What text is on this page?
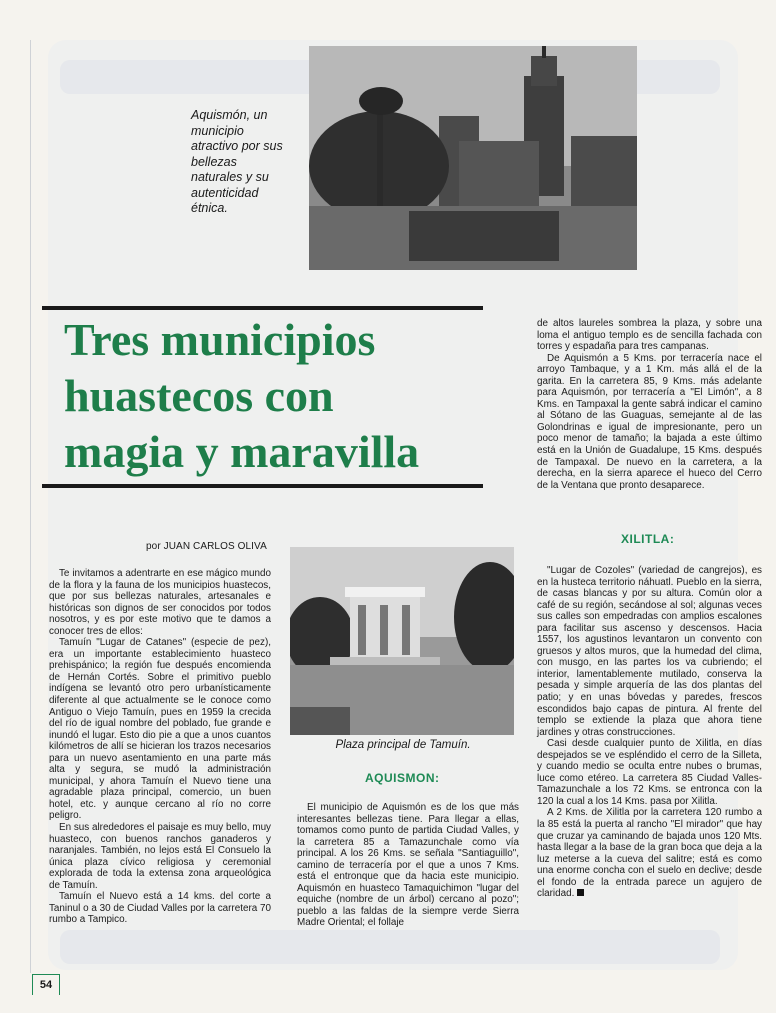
Aquismón, un municipio atractivo por sus bellezas naturales y su autenticidad étnica.
Tres municipios
huastecos con
magia y maravilla
por JUAN CARLOS OLIVA

Te invitamos a adentrarte en ese mágico mundo de la flora y la fauna de los municipios huastecos, que por sus bellezas naturales, artesanales e históricas son dignos de ser conocidos por todos nosotros, y es por este motivo que te damos a conocer tres de ellos:

Tamuín "Lugar de Catanes" (especie de pez), era un importante establecimiento huasteco prehispánico; la región fue después encomienda de Hernán Cortés. Sobre el primitivo pueblo indígena se levantó otro pero urbanísticamente diferente al que actualmente se le conoce como Antiguo o Viejo Tamuín, pues en 1959 la crecida del río de igual nombre del poblado, fue grande e inundó el lugar. Esto dio pie a que a unos cuantos kilómetros de allí se hicieran los trazos necesarios para un nuevo asentamiento en una parte más alta y segura, se mudó la administración municipal, y ahora Tamuín el Nuevo tiene una agradable plaza principal, comercio, un buen hotel, etc. y aunque cercano al río no corre peligro.

En sus alrededores el paisaje es muy bello, muy huasteco, con buenos ranchos ganaderos y naranjales. También, no lejos está El Consuelo la única plaza cívico religiosa y ceremonial explorada de toda la extensa zona arqueológica de Tamuín.

Tamuín el Nuevo está a 14 kms. del corte a Taninul o a 30 de Ciudad Valles por la carretera 70 rumbo a Tampico.

Plaza principal de Tamuín.
AQUISMON:

El municipio de Aquismón es de los que más interesantes bellezas tiene. Para llegar a ellas, tomamos como punto de partida Ciudad Valles, y la carretera 85 a Tamazunchale como vía principal. A los 26 Kms. se señala "Santiaguillo", camino de terracería por el que a unos 7 Kms. está el entronque que da hacia este municipio. Aquismón en huasteco Tamaquichimon "lugar del equiche (nombre de un árbol) cercano al pozo"; pueblo a las faldas de la siempre verde Sierra Madre Oriental; el follaje

de altos laureles sombrea la plaza, y sobre una loma el antiguo templo es de sencilla fachada con torres y espadaña para tres campanas.

De Aquismón a 5 Kms. por terracería nace el arroyo Tambaque, y a 1 Km. más allá el de la garita. En la carretera 85, 9 Kms. más adelante para Aquismón, por terracería a "El Limón", a 8 Kms. en Tampaxal la gente sabrá indicar el camino al Sótano de las Guaguas, semejante al de las Golondrinas e igual de impresionante, pero un poco menor de tamaño; la bajada a este último está en la Unión de Guadalupe, 15 Kms. después de Tampaxal. De nuevo en la carretera, a la derecha, en la sierra aparece el hueco del Cerro de la Ventana que pronto desaparece.

XILITLA:

"Lugar de Cozoles" (variedad de cangrejos), es en la husteca territorio náhuatl. Pueblo en la sierra, de casas blancas y por su altura. Común olor a café de su región, secándose al sol; algunas veces sus calles son empedradas con amplios escalones para facilitar sus ascenso y descensos. Hacia 1557, los agustinos levantaron un convento con gruesos y altos muros, que la humedad del clima, con musgo, en las partes los va cubriendo; el interior, lamentablemente mutilado, conserva la pesada y simple arquería de las dos plantas del patio; y en unas bóvedas y paredes, frescos escondidos bajo capas de pintura. Al frente del templo se extiende la plaza que ahora tiene jardines y otras construcciones.

Casi desde cualquier punto de Xilitla, en días despejados se ve espléndido el cerro de la Silleta, y cuando medio se oculta entre nubes o brumas, luce como etéreo. La carretera 85 Ciudad Valles-Tamazunchale a los 72 Kms. se entronca con la 120 la cual a los 14 Kms. pasa por Xilitla.

A 2 Kms. de Xilitla por la carretera 120 rumbo a la 85 está la puerta al rancho "El mirador" que hay que cruzar ya caminando de bajada unos 120 Mts. hasta llegar a la base de la gran boca que deja a la luz meterse a la cueva del salitre; está es como una enorme concha con el suelo en declive; desde el fondo de la entrada parece un agujero de claridad.

54
